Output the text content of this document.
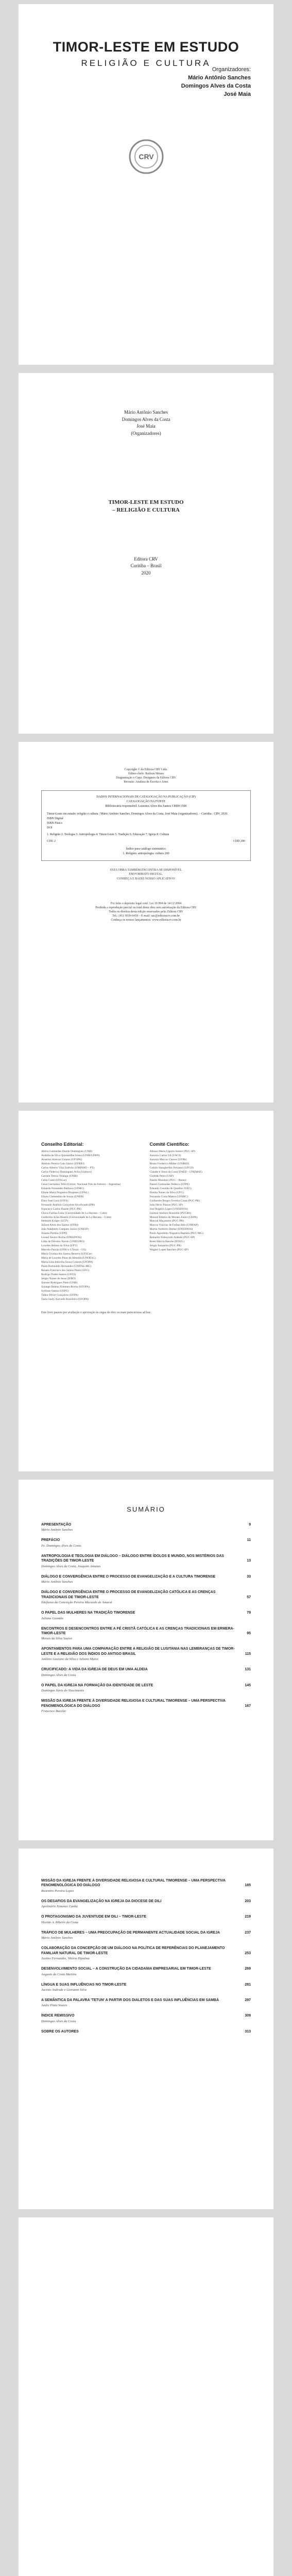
TIMOR-LESTE EM ESTUDO
RELIGIÃO E CULTURA
Organizadores:
Mário Antônio Sanches
Domingos Alves da Costa
José Maia
CRV
Mário Antônio Sanches
Domingos Alves da Costa
José Maia
(Organizadores)
TIMOR-LESTE EM ESTUDO
– RELIGIÃO E CULTURA
Editora CRV
Curitiba – Brasil
2020
Copyright © da Editora CRV Ltda.
Editor-chefe: Railson Moura
Diagramação e Capa: Designers da Editora CRV
Revisão: Analista de Escrita e Artes
DADOS INTERNACIONAIS DE CATALOGAÇÃO NA PUBLICAÇÃO (CIP)
CATALOGAÇÃO NA FONTE
Bibliotecária responsável: Luzenira Alves dos Santos CRB9/1506
Timor-Leste em estudo: religião e cultura / Mário Antônio Sanches, Domingos Alves da Costa, José Maia (organizadores). – Curitiba : CRV, 2020.
ISBN Digital
ISBN Físico
DOI
1. Religião 2. Teologia 3. Antropologia 4. Timor-Leste 5. Tradição 6. Educação 7. Igreja 8. Cultura
CDU 2	CDD 200
Índice para catálogo sistemático
1. Religião: antropologia: cultura 200
ESTA OBRA TAMBÉM ENCONTRA-SE DISPONÍVEL
EM FORMATO DIGITAL.
CONHEÇA E BAIXE NOSSO APLICATIVO!
Foi feito o depósito legal conf. Lei 10.994 de 14/12/2004
Proibida a reprodução parcial ou total desta obra sem autorização da Editora CRV
Todos os direitos desta edição reservados pela: Editora CRV
Tel.: (41) 3039-6418 – E-mail: sac@editoracrv.com.br
Conheça os nossos lançamentos: www.editoracrv.com.br
Conselho Editorial:
Aldira Guimarães Duarte Domínguez (UNB)
Andréia da Silva Quintanilha Sousa (UNIR/UFRN)
Anselmo Alencar Colares (UFOPA)
Antônio Pereira Gaio Júnior (UFRRJ)
Carlos Alberto Vilar Estêvão (UMINHO – PT)
Carlos Federico Dominguez Avila (Unieuro)
Carmen Tereza Velanga (UNIR)
Celso Conti (UFSCar)
Cesar Gerónimo Tello (Univer. Nacional Três de Febrero – Argentina)
Eduardo Fernandes Barbosa (UFMG)
Elione Maria Nogueira Diogenes (UFAL)
Elizeu Clementino de Souza (UNEB)
Élsio José Corá (UFFS)
Fernando Antônio Gonçalves Alcoforado (IPB)
Francisco Carlos Duarte (PUC-PR)
Gloria Fariñas León (Universidade de La Havana – Cuba)
Guillermo Arias Beatón (Universidade de La Havana – Cuba)
Helmuth Krüger (UCP)
Jailson Alves dos Santos (UFRJ)
João Adalberto Campato Junior (UNESP)
Josania Portela (UFPI)
Leonel Severo Rocha (UNISINOS)
Lídia de Oliveira Xavier (UNIEURO)
Lourdes Helena da Silva (UFV)
Marcelo Paixão (UFRJ e UTexas – US)
Maria Cristina dos Santos Bezerra (UFSCar)
Maria de Lourdes Pinto de Almeida (UNOESC)
Maria Lília Imbiriba Sousa Colares (UFOPA)
Paulo Romualdo Hernandes (UNIFAL-MG)
Renato Francisco dos Santos Paula (UFG)
Rodrigo Pratte-Santos (UFES)
Sérgio Nunes de Jesus (IFRO)
Simone Rodrigues Pinto (UNB)
Solange Helena Ximenes-Rocha (UFOPA)
Sydione Santos (UEPG)
Tadeu Oliver Gonçalves (UFPA)
Tania Suely Azevedo Brasileiro (UFOPA)
Comitê Científico:
Afonso Maria Ligorio Soares (PUC-SP)
Antonio Carlos Gil (USCS)
Antonio Marcos Chaves (UFPA)
Bruno Frederico Müller (UNIRIO)
Camilo Stangherlim Ferraresi (UFGD)
Claudecir Jesus da Costa (FAED – UNEMAT)
Clotilde Perez (USP)
Danilo Mondoni (PUG – Roma)
Daniel Guimarães Tedesco (UFPE)
Eduardo Gusmão de Quadros (UEG)
Elenita Nunes da Silva (UFG)
Fernando Costa Mattos (UFABC)
Guilherme Borges Ferreira Costa (PUC-PR)
João Décio Passos (PUC-SP)
José Rogério Lopes (UNISINOS)
Leomar Antônio Brustolin (PUCRS)
Manoel Ribeiro de Moraes Junior (UEPA)
Marcial Maçaneiro (PUC-PR)
Marcos Vinicius de Freitas Reis (UNIFAP)
Martin Norberto Dreher (UNISINOS)
Paulo Agostinho Nogueira Baptista (PUC-MG)
Reinaldo Nobuyoshi Arakaki (PUC-SP)
Romi Márcia Bencke (IFSUL)
Sérgio Junqueira (PUC-PR)
Wagner Lopes Sanchez (PUC-SP)
Este livro passou por avaliação e aprovação às cegas de dois ou mais pareceristas ad hoc.
SUMÁRIO
APRESENTAÇÃO	9
Mário Antônio Sanches
PREFÁCIO	11
Pe. Domingos Alves da Costa
ANTROPOLOGIA E TEOLOGIA EM DIÁLOGO – DIÁLOGO ENTRE ÍDOLOS E MUNDO, NOS MISTÉRIOS DAS TRADIÇÕES DE TIMOR-LESTE	13
Domingos Alves da Costa, Joaquim Antunes
DIÁLOGO E CONVERGÊNCIA ENTRE O PROCESSO DE EVANGELIZAÇÃO E A CULTURA TIMORENSE	33
Mário Antônio Sanches
DIÁLOGO E CONVERGÊNCIA ENTRE O PROCESSO DE EVANGELIZAÇÃO CATÓLICA E AS CRENÇAS TRADICIONAIS DE TIMOR-LESTE	57
Ildefonso da Conceição Pereira Macaedo de Amaral
O PAPEL DAS MULHERES NA TRADIÇÃO TIMORENSE	79
Juliana Gusmão
ENCONTROS E DESENCONTROS ENTRE A FÉ CRISTÃ CATÓLICA E AS CRENÇAS TRADICIONAIS EM ERMERA-TIMOR-LESTE	95
Moisés da Silva Soares
APONTAMENTOS PARA UMA COMPARAÇÃO ENTRE A RELIGIÃO DE LUSITANIA NAS LEMBRANÇAS DE TIMOR-LESTE E A RELIGIÃO DOS ÍNDIOS DO ANTIGO BRASIL	115
Antônio Gaviano da Silva e Juliano Matos
CRUCIFICADO: A VIDA DA IGREJA DE DEUS EM UMA ALDEIA	131
Domingos Alves da Costa
O PAPEL DA IGREJA NA FORMAÇÃO DA IDENTIDADE DE LESTE	145
Domingos Sávio do Nascimento
MISSÃO DA IGREJA FRENTE À DIVERSIDADE RELIGIOSA E CULTURAL TIMORENSE – UMA PERSPECTIVA FENOMENOLÓGICA DO DIÁLOGO	167
Francisco Bacelar
MISSÃO DA IGREJA FRENTE À DIVERSIDADE RELIGIOSA E CULTURAL TIMORENSE – UMA PERSPECTIVA FENOMENOLÓGICA DO DIÁLOGO	185
Rosemiro Pereira Lopes
OS DESAFIOS DA EVANGELIZAÇÃO NA IGREJA DA DIOCESE DE DILI	203
Apolinário Ximenes Cunha
O PROTAGONISMO DA JUVENTUDE EM DILI – TIMOR-LESTE	219
Vicente A. Ribeiro da Costa
TRÁFICO DE MULHERES – UMA PREOCUPAÇÃO DE PERMANENTE ACTUALIDADE SOCIAL DA IGREJA	237
Mário Antônio Sanches
COLABORAÇÃO DA CONCEPÇÃO DE UM DIÁLOGO NA POLÍTICA DE REFERÊNCIAS DO PLANEJAMENTO FAMILIAR NATURAL DE TIMOR-LESTE	253
Justino Fernandes, Vitória Dipalma
DESENVOLVIMENTO SOCIAL – A CONSTRUÇÃO DA CIDADANIA EMPRESARIAL EM TIMOR-LESTE	269
Augusto da Costa Martins
LÍNGUA E SUAS INFLUÊNCIAS NO TIMOR-LESTE	281
Jacinto Andrade e Giovanni Silva
A SEMÂNTICA DA PALAVRA 'TETUN' A PARTIR DOS DIALETOS E DAS SUAS INFLUÊNCIAS EM SAMBÁ	297
Andre Pinto Soares
ÍNDICE REMISSIVO	309
Domingos Alves da Costa
SOBRE OS AUTORES	313
